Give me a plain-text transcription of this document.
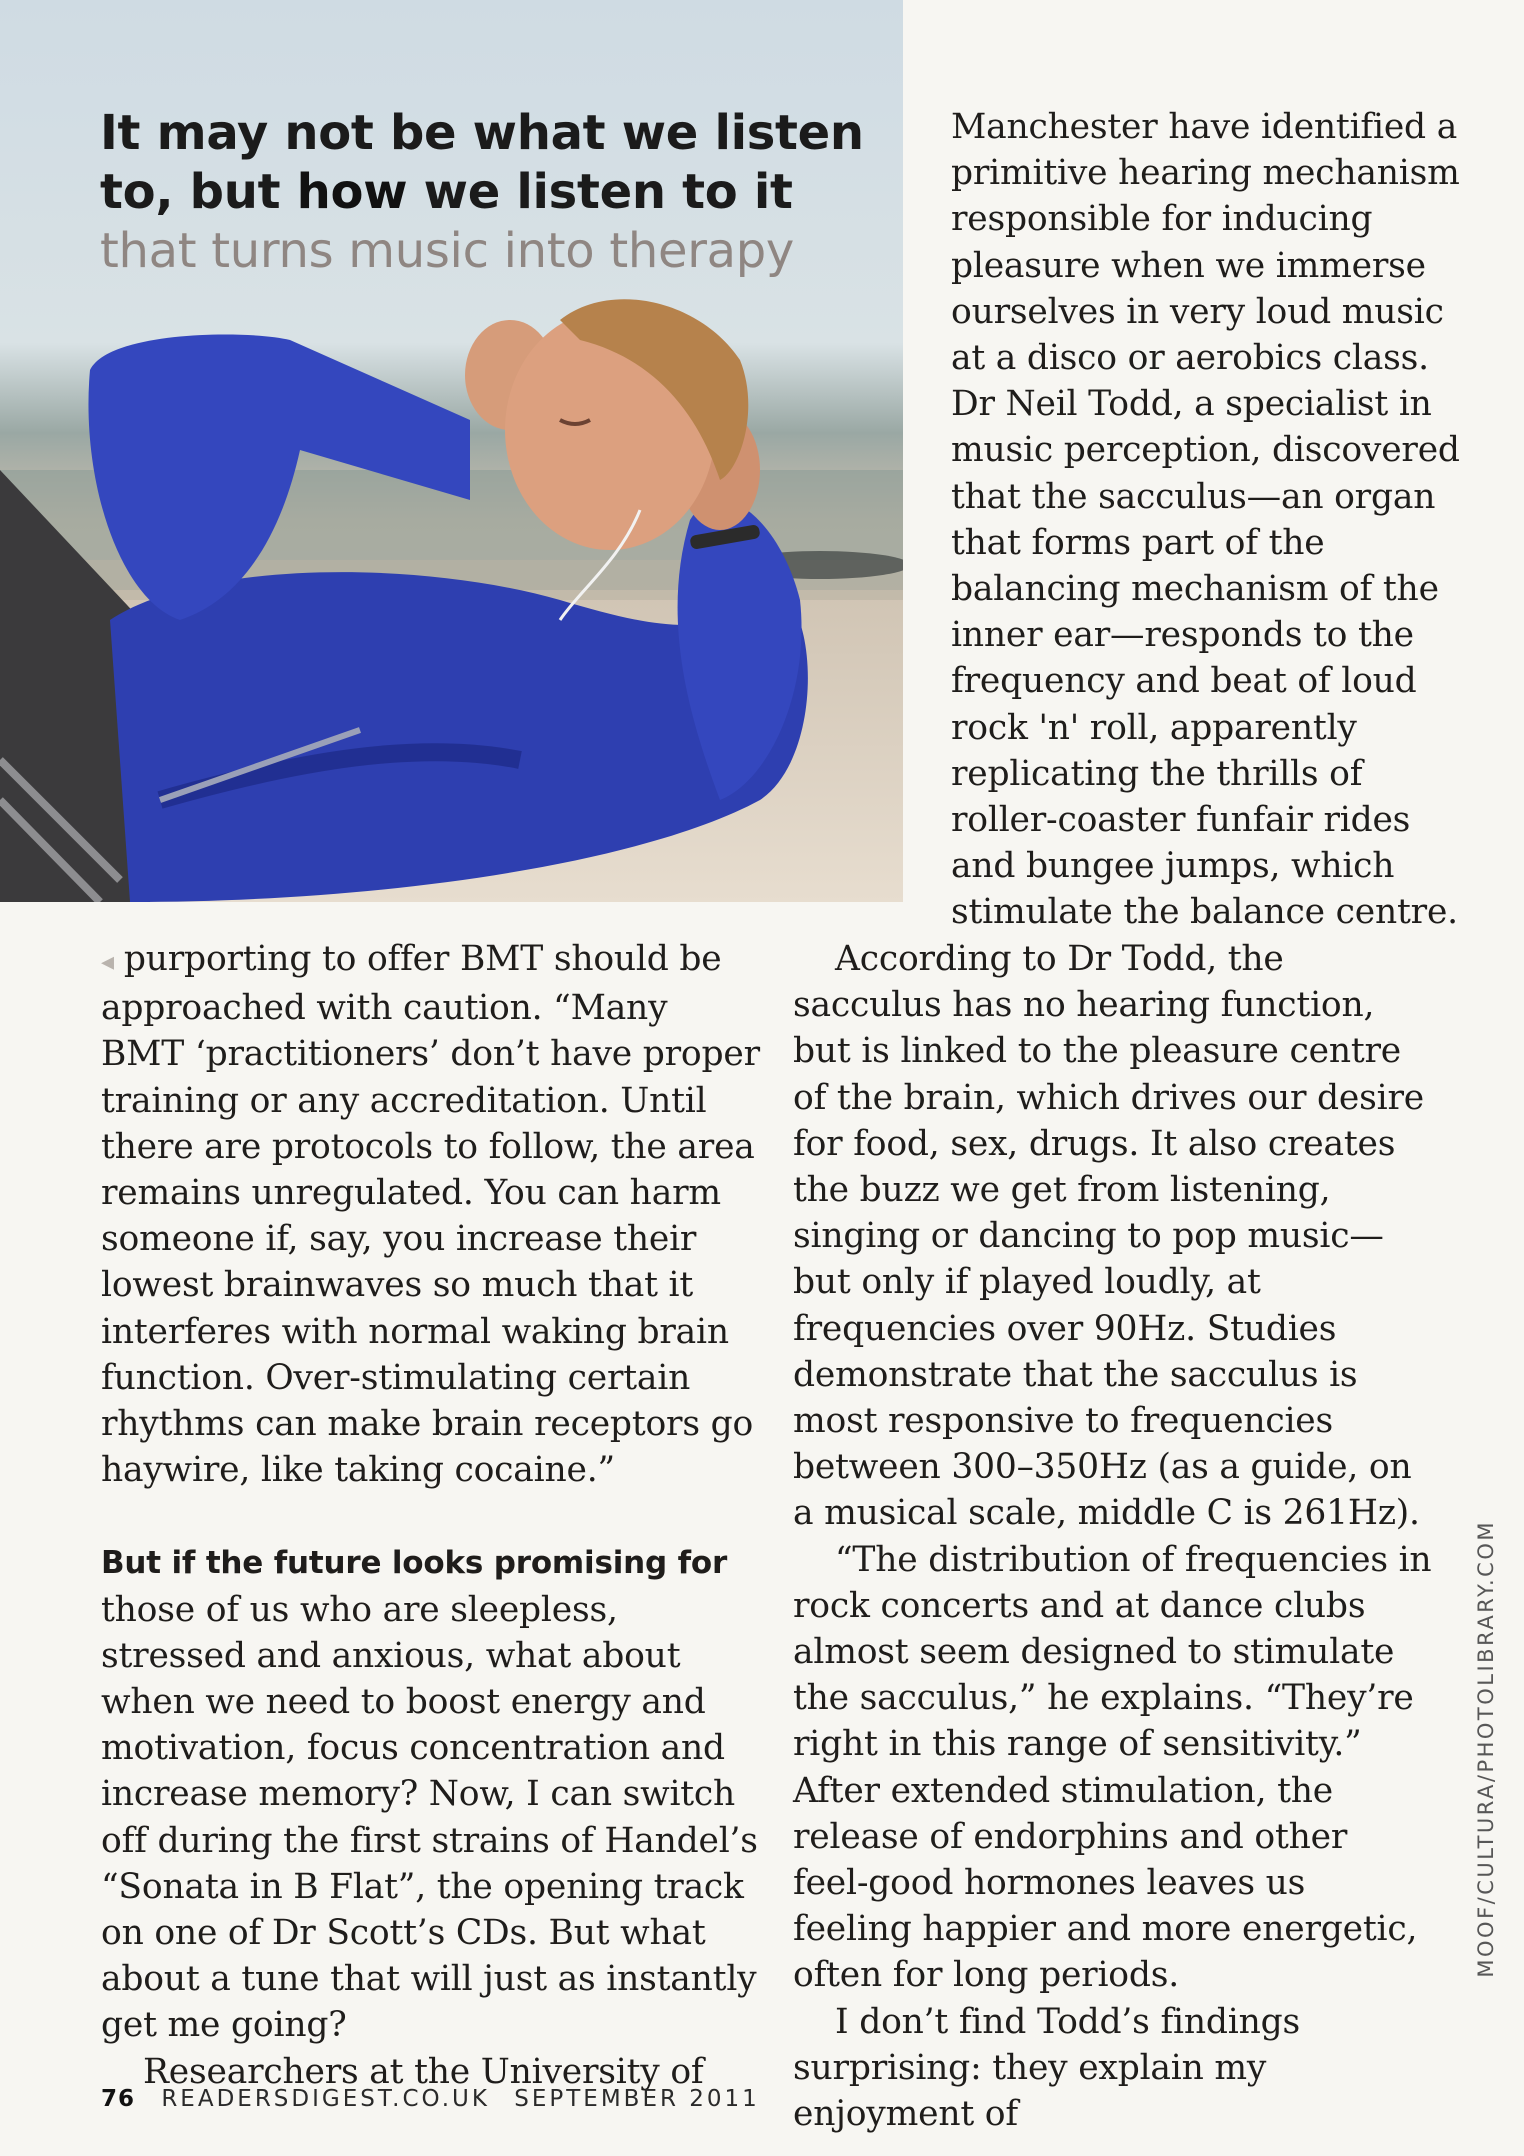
It may not be what we listen to, but how we listen to it
that turns music into therapy

Manchester have identified a primitive hearing mechanism responsible for inducing pleasure when we immerse ourselves in very loud music at a disco or aerobics class. Dr Neil Todd, a specialist in music perception, discovered that the sacculus—an organ that forms part of the balancing mechanism of the inner ear—responds to the frequency and beat of loud rock 'n' roll, apparently replicating the thrills of roller-coaster funfair rides and bungee jumps, which stimulate the balance centre.

◂ purporting to offer BMT should be approached with caution. “Many BMT ‘practitioners’ don’t have proper training or any accreditation. Until there are protocols to follow, the area remains unregulated. You can harm someone if, say, you increase their lowest brainwaves so much that it interferes with normal waking brain function. Over-stimulating certain rhythms can make brain receptors go haywire, like taking cocaine.”

But if the future looks promising for those of us who are sleepless, stressed and anxious, what about when we need to boost energy and motivation, focus concentration and increase memory? Now, I can switch off during the first strains of Handel’s “Sonata in B Flat”, the opening track on one of Dr Scott’s CDs. But what about a tune that will just as instantly get me going?

Researchers at the University of

According to Dr Todd, the sacculus has no hearing function, but is linked to the pleasure centre of the brain, which drives our desire for food, sex, drugs. It also creates the buzz we get from listening, singing or dancing to pop music—but only if played loudly, at frequencies over 90Hz. Studies demonstrate that the sacculus is most responsive to frequencies between 300–350Hz (as a guide, on a musical scale, middle C is 261Hz).

“The distribution of frequencies in rock concerts and at dance clubs almost seem designed to stimulate the sacculus,” he explains. “They’re right in this range of sensitivity.” After extended stimulation, the release of endorphins and other feel-good hormones leaves us feeling happier and more energetic, often for long periods.

I don’t find Todd’s findings surprising: they explain my enjoyment of

76 READERSDIGEST.CO.UK SEPTEMBER 2011
MOOF/CULTURA/PHOTOLIBRARY.COM
